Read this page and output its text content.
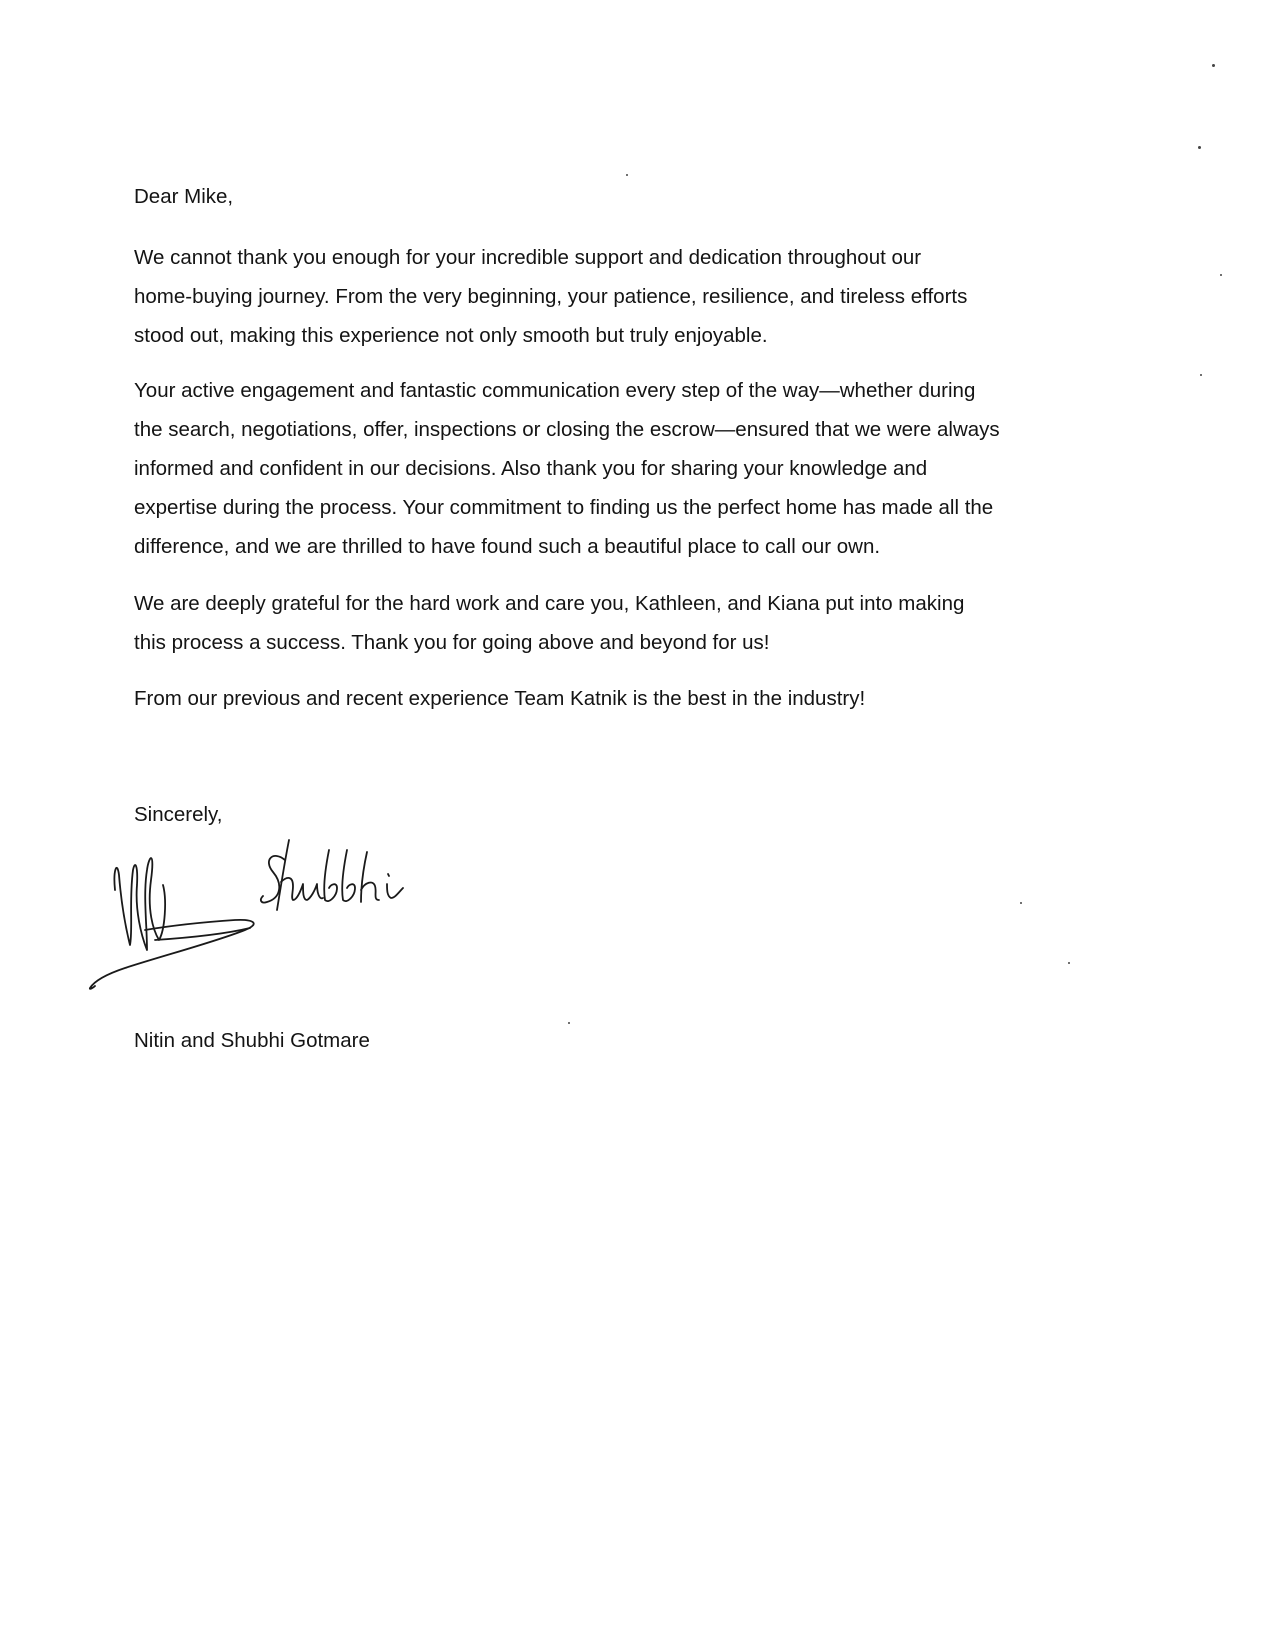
Dear Mike,

We cannot thank you enough for your incredible support and dedication throughout our
home-buying journey. From the very beginning, your patience, resilience, and tireless efforts
stood out, making this experience not only smooth but truly enjoyable.
Your active engagement and fantastic communication every step of the way—whether during
the search, negotiations, offer, inspections or closing the escrow—ensured that we were always
informed and confident in our decisions. Also thank you for sharing your knowledge and
expertise during the process. Your commitment to finding us the perfect home has made all the
difference, and we are thrilled to have found such a beautiful place to call our own.
We are deeply grateful for the hard work and care you, Kathleen, and Kiana put into making
this process a success. Thank you for going above and beyond for us!
From our previous and recent experience Team Katnik is the best in the industry!

Sincerely,

Nitin and Shubhi Gotmare
